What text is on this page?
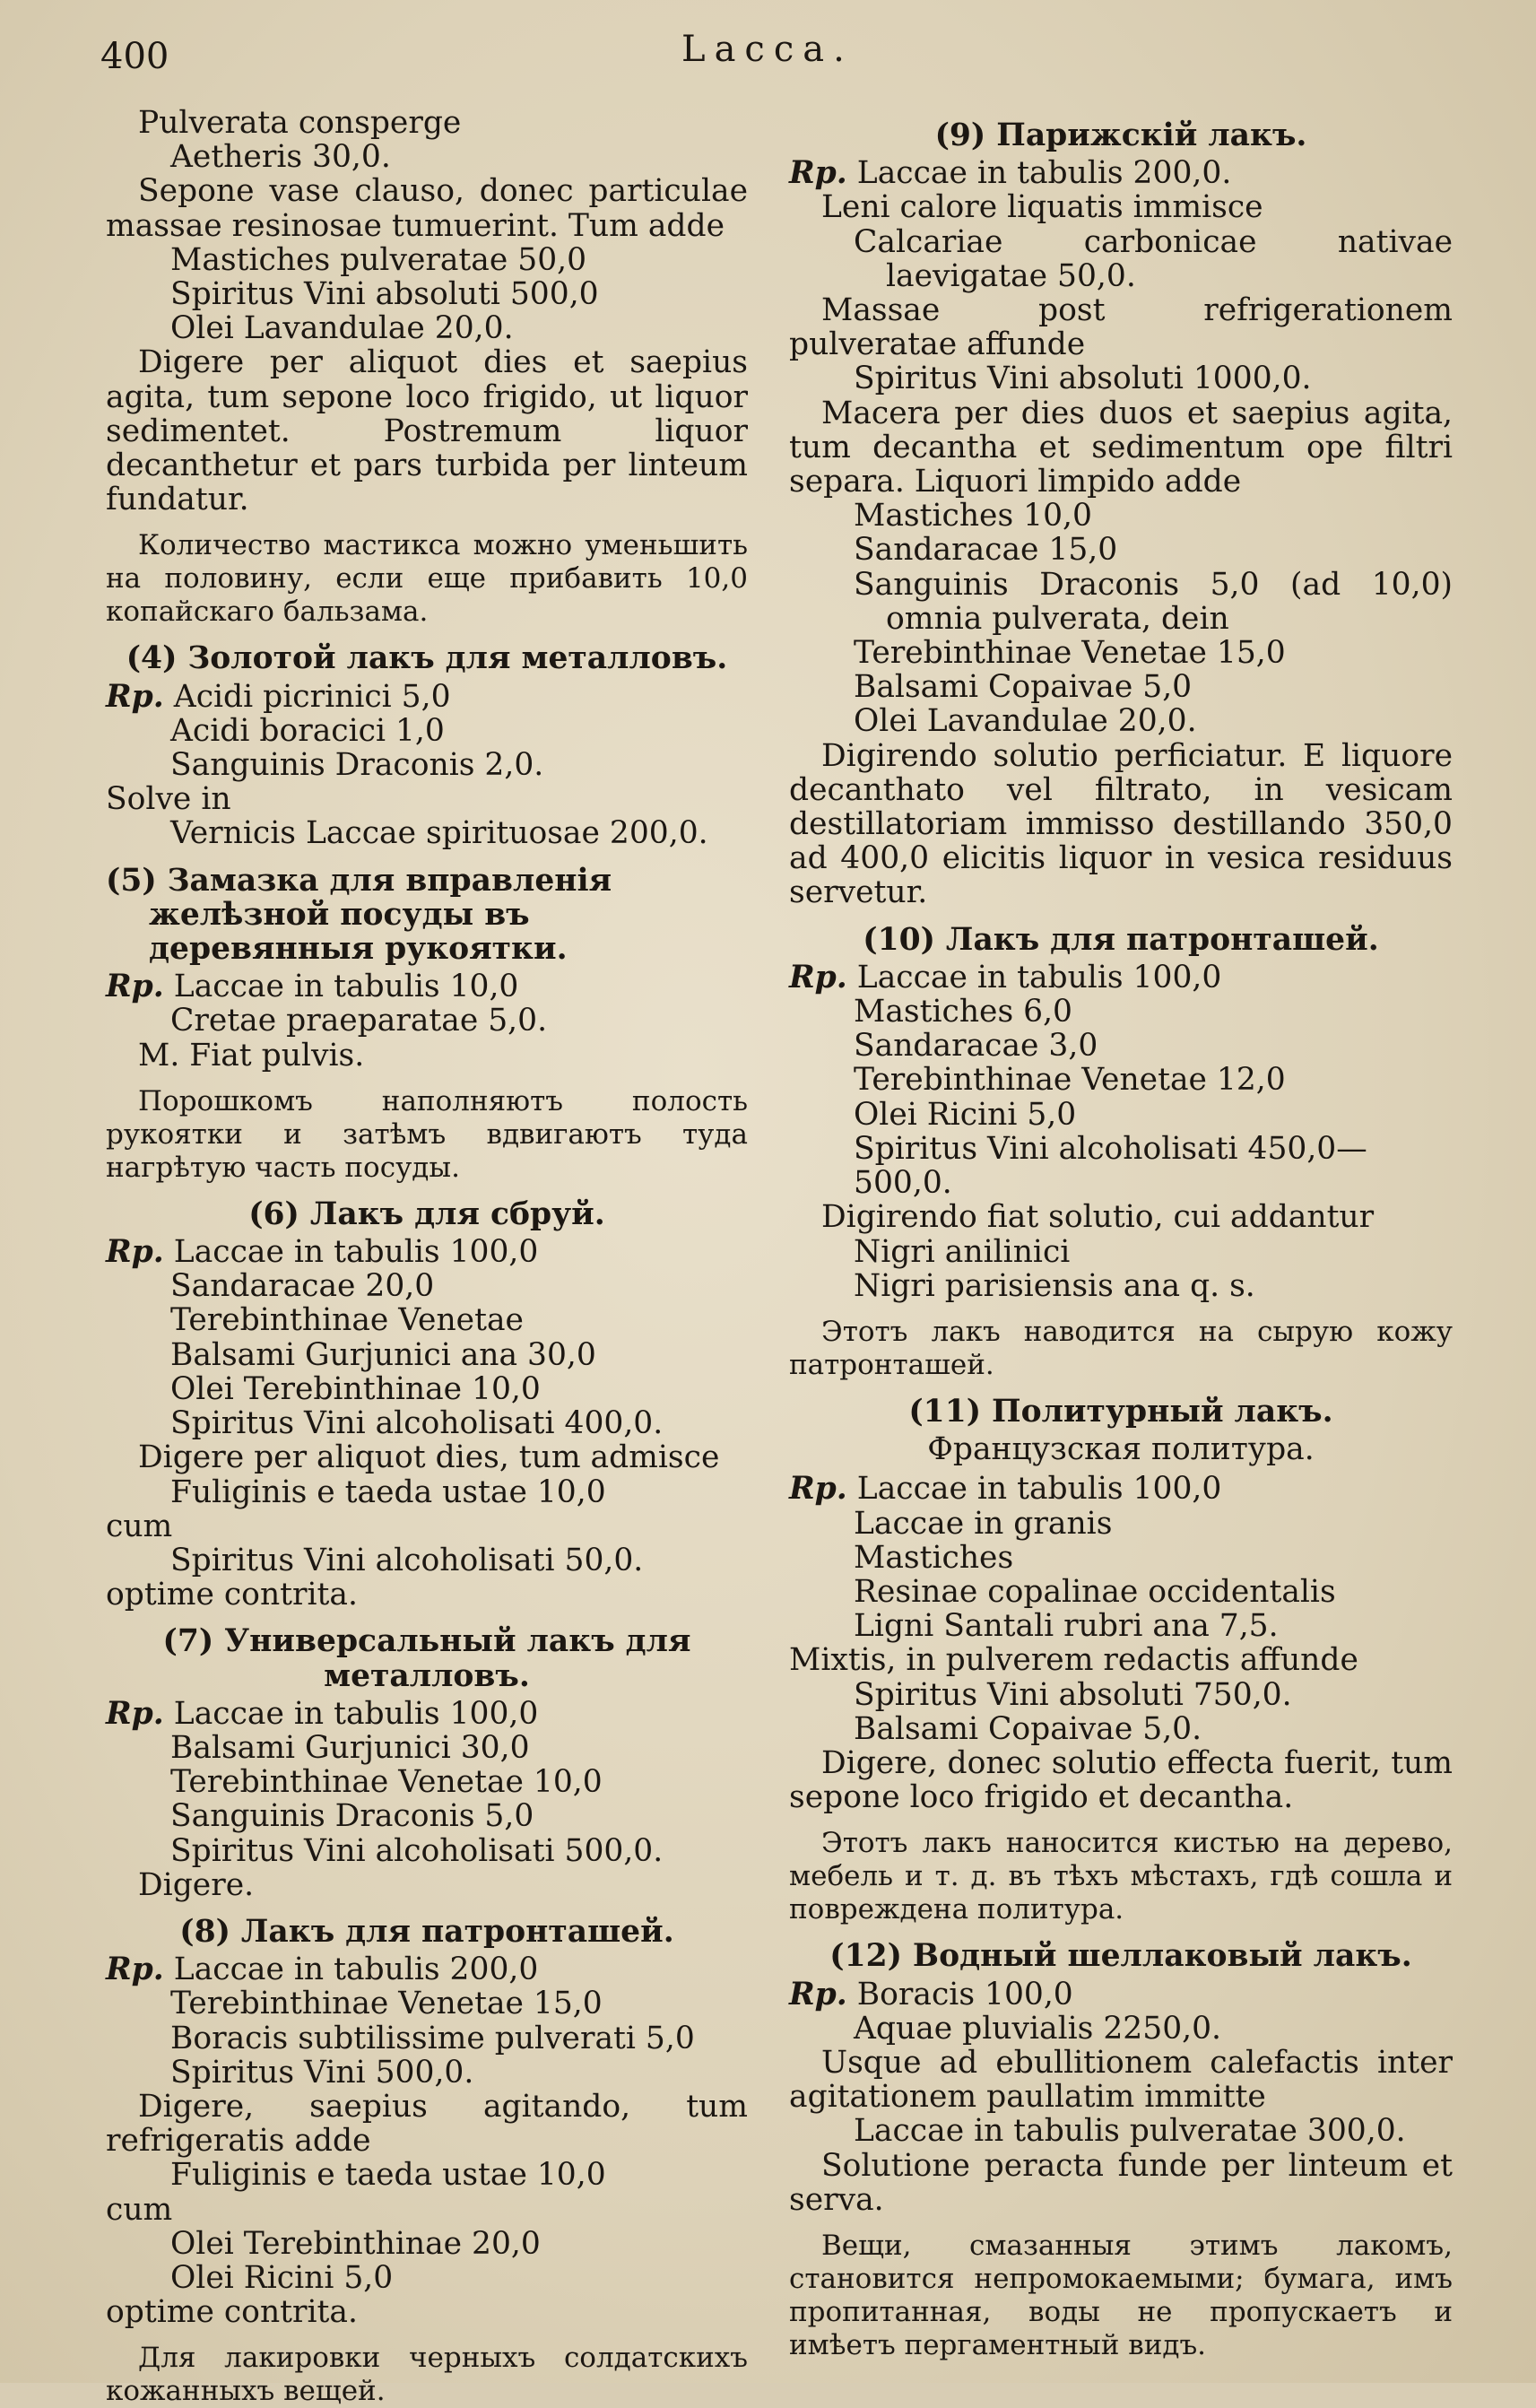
400	Lacca.
Pulverata consperge
Aetheris 30,0.
Sepone vase clauso, donec particulae massae resinosae tumuerint. Tum adde
Mastiches pulveratae 50,0
Spiritus Vini absoluti 500,0
Olei Lavandulae 20,0.
Digere per aliquot dies et saepius agita, tum sepone loco frigido, ut liquor sedimentet. Postremum liquor decanthetur et pars turbida per linteum fundatur.
Количество мастикса можно уменьшить на половину, если еще прибавить 10,0 копайскаго бальзама.
(4) Золотой лакъ для металловъ.
Rp. Acidi picrinici 5,0
Acidi boracici 1,0
Sanguinis Draconis 2,0.
Solve in
Vernicis Laccae spirituosae 200,0.
(5) Замазка для вправленія желѣзной посуды въ деревянныя рукоятки.
Rp. Laccae in tabulis 10,0
Cretae praeparatae 5,0.
M. Fiat pulvis.
Порошкомъ наполняютъ полость рукоятки и затѣмъ вдвигаютъ туда нагрѣтую часть посуды.
(6) Лакъ для сбруй.
Rp. Laccae in tabulis 100,0
Sandaracae 20,0
Terebinthinae Venetae
Balsami Gurjunici ana 30,0
Olei Terebinthinae 10,0
Spiritus Vini alcoholisati 400,0.
Digere per aliquot dies, tum admisce
Fuliginis e taeda ustae 10,0
cum
Spiritus Vini alcoholisati 50,0.
optime contrita.
(7) Универсальный лакъ для металловъ.
Rp. Laccae in tabulis 100,0
Balsami Gurjunici 30,0
Terebinthinae Venetae 10,0
Sanguinis Draconis 5,0
Spiritus Vini alcoholisati 500,0.
Digere.
(8) Лакъ для патронташей.
Rp. Laccae in tabulis 200,0
Terebinthinae Venetae 15,0
Boracis subtilissime pulverati 5,0
Spiritus Vini 500,0.
Digere, saepius agitando, tum refrigeratis adde
Fuliginis e taeda ustae 10,0
cum
Olei Terebinthinae 20,0
Olei Ricini 5,0
optime contrita.
Для лакировки черныхъ солдатскихъ кожанныхъ вещей.
(9) Парижскій лакъ.
Rp. Laccae in tabulis 200,0.
Leni calore liquatis immisce
Calcariae carbonicae nativae laevigatae 50,0.
Massae post refrigerationem pulveratae affunde
Spiritus Vini absoluti 1000,0.
Macera per dies duos et saepius agita, tum decantha et sedimentum ope filtri separa. Liquori limpido adde
Mastiches 10,0
Sandaracae 15,0
Sanguinis Draconis 5,0 (ad 10,0) omnia pulverata, dein
Terebinthinae Venetae 15,0
Balsami Copaivae 5,0
Olei Lavandulae 20,0.
Digirendo solutio perficiatur. E liquore decanthato vel filtrato, in vesicam destillatoriam immisso destillando 350,0 ad 400,0 elicitis liquor in vesica residuus servetur.
(10) Лакъ для патронташей.
Rp. Laccae in tabulis 100,0
Mastiches 6,0
Sandaracae 3,0
Terebinthinae Venetae 12,0
Olei Ricini 5,0
Spiritus Vini alcoholisati 450,0—500,0.
Digirendo fiat solutio, cui addantur
Nigri anilinici
Nigri parisiensis ana q. s.
Этотъ лакъ наводится на сырую кожу патронташей.
(11) Политурный лакъ.
Французская политура.
Rp. Laccae in tabulis 100,0
Laccae in granis
Mastiches
Resinae copalinae occidentalis
Ligni Santali rubri ana 7,5.
Mixtis, in pulverem redactis affunde
Spiritus Vini absoluti 750,0.
Balsami Copaivae 5,0.
Digere, donec solutio effecta fuerit, tum sepone loco frigido et decantha.
Этотъ лакъ наносится кистью на дерево, мебель и т. д. въ тѣхъ мѣстахъ, гдѣ сошла и повреждена политура.
(12) Водный шеллаковый лакъ.
Rp. Boracis 100,0
Aquae pluvialis 2250,0.
Usque ad ebullitionem calefactis inter agitationem paullatim immitte
Laccae in tabulis pulveratae 300,0.
Solutione peracta funde per linteum et serva.
Вещи, смазанныя этимъ лакомъ, становится непромокаемыми; бумага, имъ пропитанная, воды не пропускаетъ и имѣетъ пергаментный видъ.
